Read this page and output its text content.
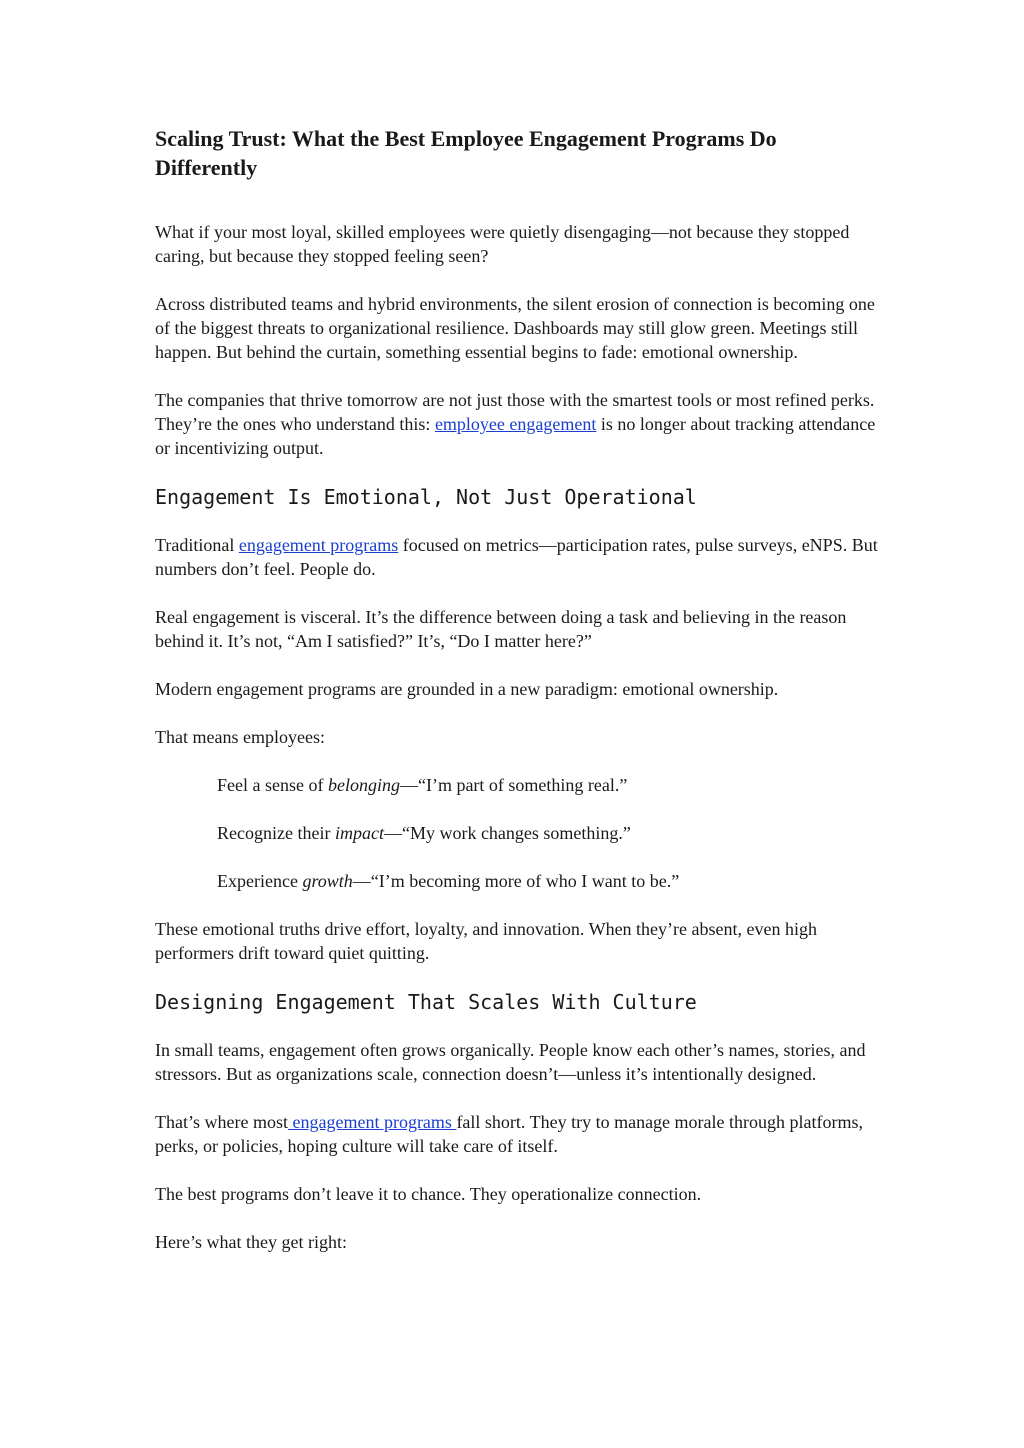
Scaling Trust: What the Best Employee Engagement Programs Do Differently

What if your most loyal, skilled employees were quietly disengaging—not because they stopped caring, but because they stopped feeling seen?

Across distributed teams and hybrid environments, the silent erosion of connection is becoming one of the biggest threats to organizational resilience. Dashboards may still glow green. Meetings still happen. But behind the curtain, something essential begins to fade: emotional ownership.

The companies that thrive tomorrow are not just those with the smartest tools or most refined perks. They’re the ones who understand this: employee engagement is no longer about tracking attendance or incentivizing output.

Engagement Is Emotional, Not Just Operational

Traditional engagement programs focused on metrics—participation rates, pulse surveys, eNPS. But numbers don’t feel. People do.

Real engagement is visceral. It’s the difference between doing a task and believing in the reason behind it. It’s not, “Am I satisfied?” It’s, “Do I matter here?”

Modern engagement programs are grounded in a new paradigm: emotional ownership.

That means employees:

Feel a sense of belonging—“I’m part of something real.”

Recognize their impact—“My work changes something.”

Experience growth—“I’m becoming more of who I want to be.”

These emotional truths drive effort, loyalty, and innovation. When they’re absent, even high performers drift toward quiet quitting.

Designing Engagement That Scales With Culture

In small teams, engagement often grows organically. People know each other’s names, stories, and stressors. But as organizations scale, connection doesn’t—unless it’s intentionally designed.

That’s where most engagement programs fall short. They try to manage morale through platforms, perks, or policies, hoping culture will take care of itself.

The best programs don’t leave it to chance. They operationalize connection.

Here’s what they get right:
